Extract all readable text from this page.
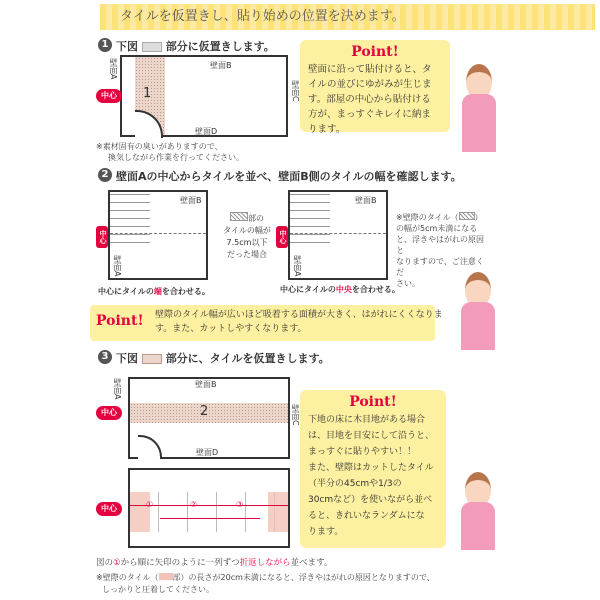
タイルを仮置きし、貼り始めの位置を決めます。
1 下図	部分に仮置きします。
1
壁面A	壁面B
壁面C
壁面D
中心
※素材固有の臭いがありますので、
換気しながら作業を行ってください。
Point!
壁面に沿って貼付けると、タ
イルの並びにゆがみが生じま
す。部屋の中心から貼付ける
方が、まっすぐキレイに納ま
ります。
2 壁面Aの中心からタイルを並べ、壁面B側のタイルの幅を確認します。
壁面B
壁面A
中心
部の
タイルの幅が
7.5cm以下
だった場合
壁面B
壁面A
中心
中心にタイルの端を合わせる。	中心にタイルの中央を合わせる。
※壁際のタイル（ ）
の幅が5cm未満になる
と、浮きやはがれの原因と
なりますので、ご注意くだ
さい。
Point! 壁際のタイル幅が広いほど吸着する面積が大きく、はがれにくくなりま
す。また、カットしやすくなります。
3 下図	部分に、タイルを仮置きします。
2
壁面A	壁面B
壁面C
壁面D
中心
①	②	③
中心
Point!
下地の床に木目地がある場合
は、目地を目安にして沿うと、
まっすぐに貼りやすい！！
また、壁際はカットしたタイル
（半分の45cmや1/3の
30cmなど）を使いながら並べ
ると、きれいなランダムにな
ります。
図の①から順に矢印のように一列ずつ折返しながら並べます。
※壁際のタイル（ 部）の長さが20cm未満になると、浮きやはがれの原因となりますので、
しっかりと圧着してください。
